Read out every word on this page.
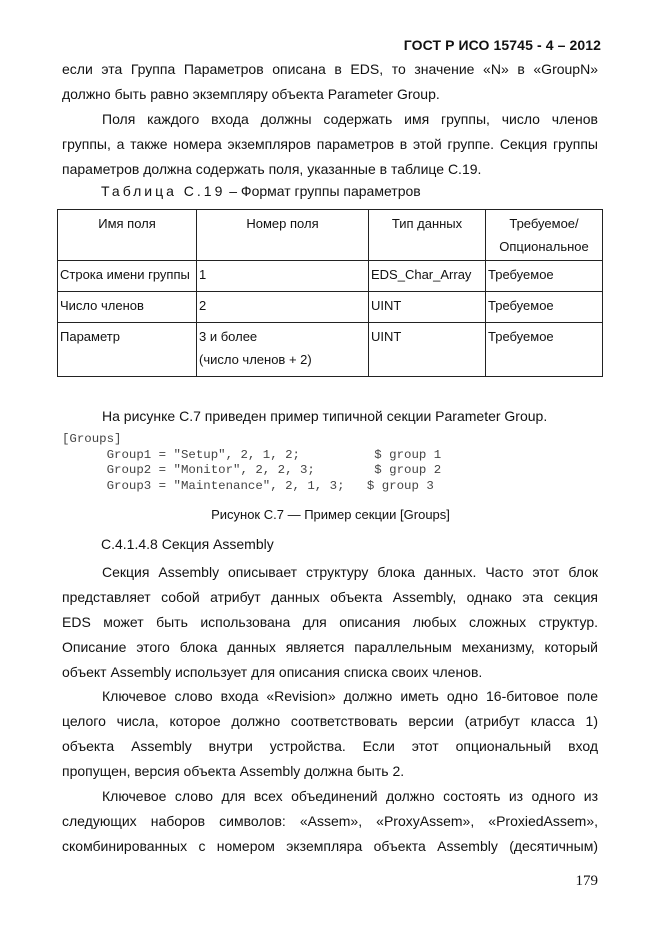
ГОСТ Р ИСО 15745 - 4 – 2012

если эта Группа Параметров описана в EDS, то значение «N» в «GroupN»

должно быть равно экземпляру объекта Parameter Group.

Поля каждого входа должны содержать имя группы, число членов

группы, а также номера экземпляров параметров в этой группе. Секция группы

параметров должна содержать поля, указанные в таблице С.19.

Таблица С.19 – Формат группы параметров
Имя поля	Номер поля	Тип данных	Требуемое/
Опциональное
Строка имени группы	1	EDS_Char_Array	Требуемое
Число членов	2	UINT	Требуемое
Параметр	3 и более
(число членов + 2)	UINT	Требуемое

На рисунке С.7 приведен пример типичной секции Parameter Group.

[Groups]
Group1 = "Setup", 2, 1, 2;          $ group 1
Group2 = "Monitor", 2, 2, 3;        $ group 2
Group3 = "Maintenance", 2, 1, 3;   $ group 3
Рисунок С.7 — Пример секции [Groups]
С.4.1.4.8 Секция Assembly

Секция Assembly описывает структуру блока данных. Часто этот блок

представляет собой атрибут данных объекта Assembly, однако эта секция

EDS может быть использована для описания любых сложных структур.

Описание этого блока данных является параллельным механизму, который

объект Assembly использует для описания списка своих членов.

Ключевое слово входа «Revision» должно иметь одно 16-битовое поле

целого числа, которое должно соответствовать версии (атрибут класса 1)

объекта Assembly внутри устройства. Если этот опциональный вход

пропущен, версия объекта Assembly должна быть 2.

Ключевое слово для всех объединений должно состоять из одного из

следующих наборов символов: «Assem», «ProxyAssem», «ProxiedAssem»,

скомбинированных с номером экземпляра объекта Assembly (десятичным)

179
